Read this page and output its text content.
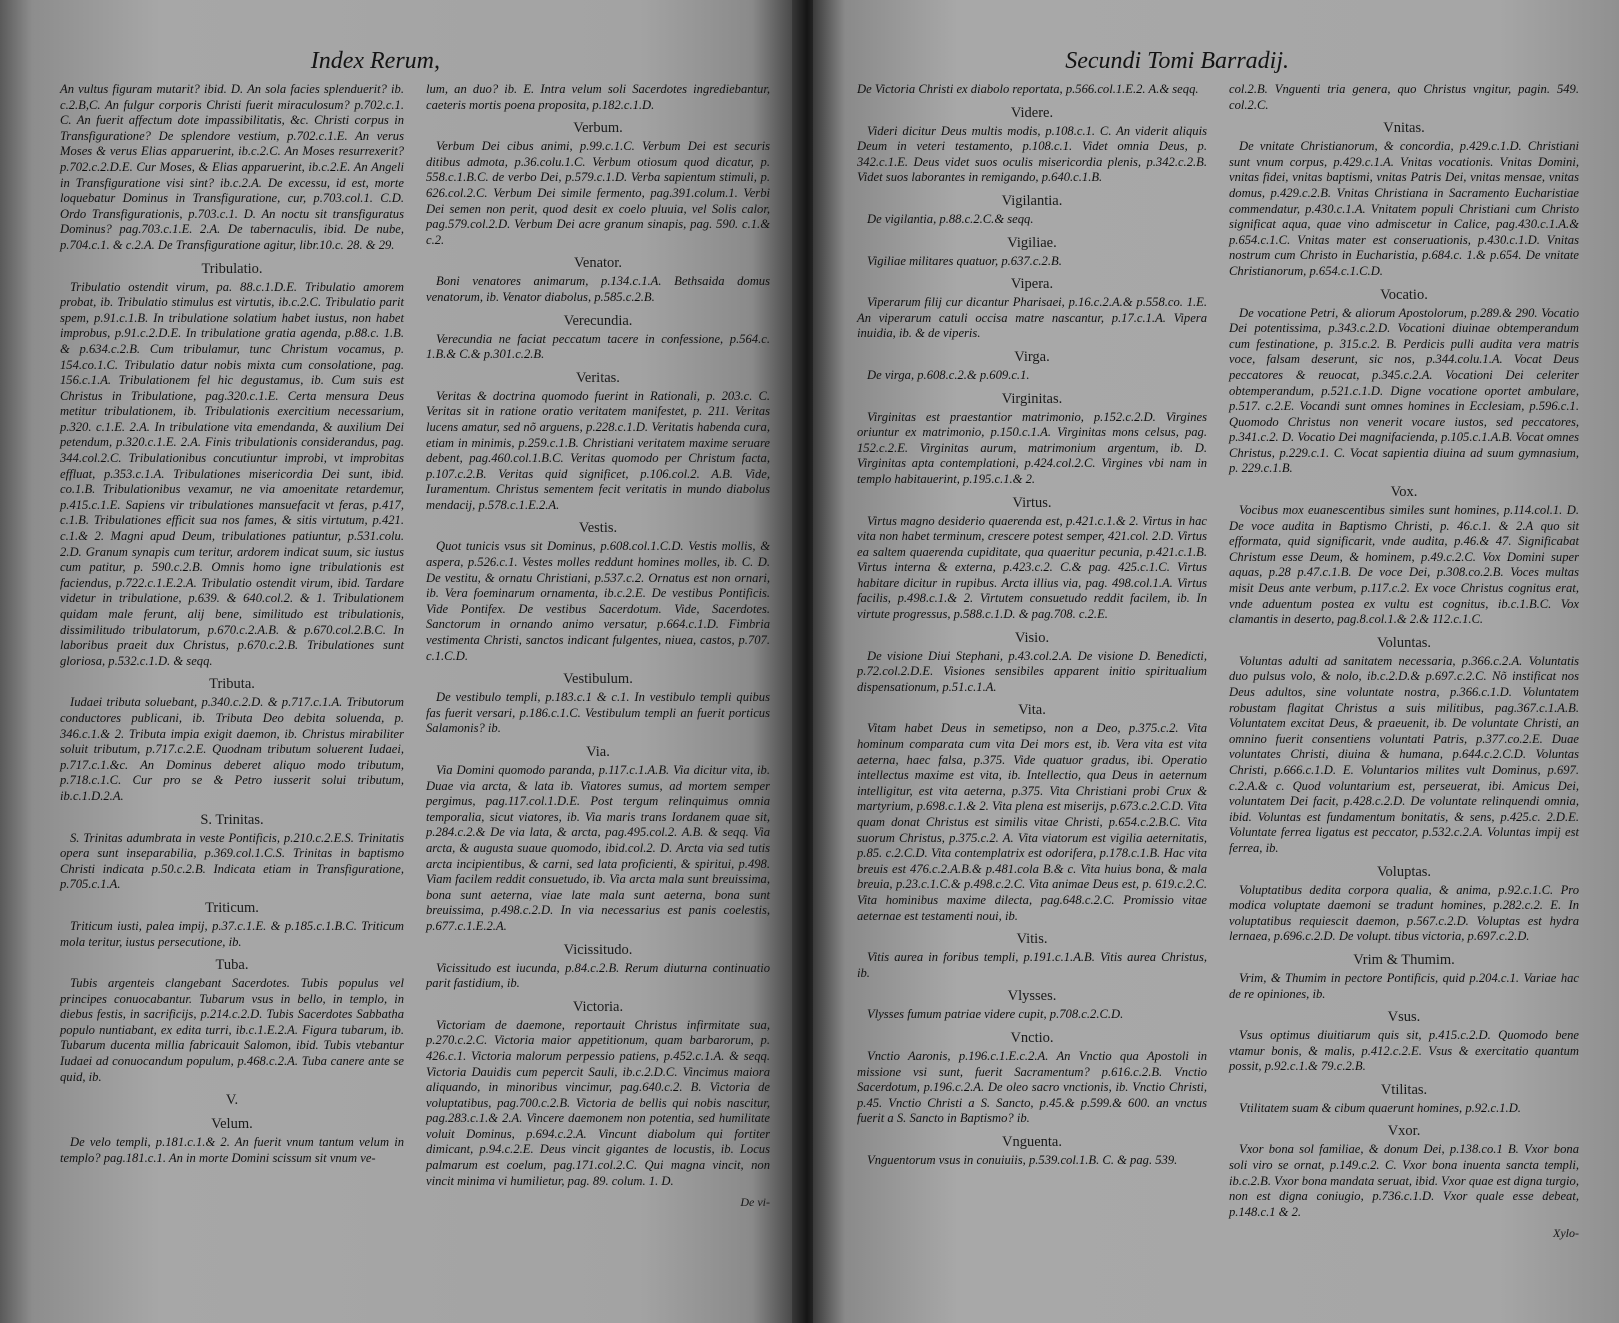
Index Rerum,

An vultus figuram mutarit? ibid. D. An sola facies splenduerit? ib. c.2.B,C. An fulgur corporis Christi fuerit miraculosum? p.702.c.1. C. An fuerit affectum dote impassibilitatis, &c. Christi corpus in Transfiguratione? De splendore vestium, p.702.c.1.E. An verus Moses & verus Elias apparuerint, ib.c.2.C. An Moses resurrexerit? p.702.c.2.D.E. Cur Moses, & Elias apparuerint, ib.c.2.E. An Angeli in Transfiguratione visi sint? ib.c.2.A. De excessu, id est, morte loquebatur Dominus in Transfiguratione, cur, p.703.col.1. C.D. Ordo Transfigurationis, p.703.c.1. D. An noctu sit transfiguratus Dominus? pag.703.c.1.E. 2.A. De tabernaculis, ibid. De nube, p.704.c.1. & c.2.A. De Transfiguratione agitur, libr.10.c. 28. & 29.

Tribulatio.

Tribulatio ostendit virum, pa. 88.c.1.D.E. Tribulatio amorem probat, ib. Tribulatio stimulus est virtutis, ib.c.2.C. Tribulatio parit spem, p.91.c.1.B. In tribulatione solatium habet iustus, non habet improbus, p.91.c.2.D.E. In tribulatione gratia agenda, p.88.c. 1.B. & p.634.c.2.B. Cum tribulamur, tunc Christum vocamus, p. 154.co.1.C. Tribulatio datur nobis mixta cum consolatione, pag. 156.c.1.A. Tribulationem fel hic degustamus, ib. Cum suis est Christus in Tribulatione, pag.320.c.1.E. Certa mensura Deus metitur tribulationem, ib. Tribulationis exercitium necessarium, p.320. c.1.E. 2.A. In tribulatione vita emendanda, & auxilium Dei petendum, p.320.c.1.E. 2.A. Finis tribulationis considerandus, pag. 344.col.2.C. Tribulationibus concutiuntur improbi, vt improbitas effluat, p.353.c.1.A. Tribulationes misericordia Dei sunt, ibid. co.1.B. Tribulationibus vexamur, ne via amoenitate retardemur, p.415.c.1.E. Sapiens vir tribulationes mansuefacit vt feras, p.417, c.1.B. Tribulationes efficit sua nos fames, & sitis virtutum, p.421. c.1.& 2. Magni apud Deum, tribulationes patiuntur, p.531.colu. 2.D. Granum synapis cum teritur, ardorem indicat suum, sic iustus cum patitur, p. 590.c.2.B. Omnis homo igne tribulationis est faciendus, p.722.c.1.E.2.A. Tribulatio ostendit virum, ibid. Tardare videtur in tribulatione, p.639. & 640.col.2. & 1. Tribulationem quidam male ferunt, alij bene, similitudo est tribulationis, dissimilitudo tribulatorum, p.670.c.2.A.B. & p.670.col.2.B.C. In laboribus praeit dux Christus, p.670.c.2.B. Tribulationes sunt gloriosa, p.532.c.1.D. & seqq.

Tributa.

Iudaei tributa soluebant, p.340.c.2.D. & p.717.c.1.A. Tributorum conductores publicani, ib. Tributa Deo debita soluenda, p. 346.c.1.& 2. Tributa impia exigit daemon, ib. Christus mirabiliter soluit tributum, p.717.c.2.E. Quodnam tributum soluerent Iudaei, p.717.c.1.&c. An Dominus deberet aliquo modo tributum, p.718.c.1.C. Cur pro se & Petro iusserit solui tributum, ib.c.1.D.2.A.

S. Trinitas.

S. Trinitas adumbrata in veste Pontificis, p.210.c.2.E.S. Trinitatis opera sunt inseparabilia, p.369.col.1.C.S. Trinitas in baptismo Christi indicata p.50.c.2.B. Indicata etiam in Transfiguratione, p.705.c.1.A.

Triticum.

Triticum iusti, palea impij, p.37.c.1.E. & p.185.c.1.B.C. Triticum mola teritur, iustus persecutione, ib.

Tuba.

Tubis argenteis clangebant Sacerdotes. Tubis populus vel principes conuocabantur. Tubarum vsus in bello, in templo, in diebus festis, in sacrificijs, p.214.c.2.D. Tubis Sacerdotes Sabbatha populo nuntiabant, ex edita turri, ib.c.1.E.2.A. Figura tubarum, ib. Tubarum ducenta millia fabricauit Salomon, ibid. Tubis vtebantur Iudaei ad conuocandum populum, p.468.c.2.A. Tuba canere ante se quid, ib.

V.
Velum.

De velo templi, p.181.c.1.& 2. An fuerit vnum tantum velum in templo? pag.181.c.1. An in morte Domini scissum sit vnum ve-

lum, an duo? ib. E. Intra velum soli Sacerdotes ingrediebantur, caeteris mortis poena proposita, p.182.c.1.D.

Verbum.

Verbum Dei cibus animi, p.99.c.1.C. Verbum Dei est securis ditibus admota, p.36.colu.1.C. Verbum otiosum quod dicatur, p. 558.c.1.B.C. de verbo Dei, p.579.c.1.D. Verba sapientum stimuli, p. 626.col.2.C. Verbum Dei simile fermento, pag.391.colum.1. Verbi Dei semen non perit, quod desit ex coelo pluuia, vel Solis calor, pag.579.col.2.D. Verbum Dei acre granum sinapis, pag. 590. c.1.& c.2.

Venator.

Boni venatores animarum, p.134.c.1.A. Bethsaida domus venatorum, ib. Venator diabolus, p.585.c.2.B.

Verecundia.

Verecundia ne faciat peccatum tacere in confessione, p.564.c. 1.B.& C.& p.301.c.2.B.

Veritas.

Veritas & doctrina quomodo fuerint in Rationali, p. 203.c. C. Veritas sit in ratione oratio veritatem manifestet, p. 211. Veritas lucens amatur, sed nõ arguens, p.228.c.1.D. Veritatis habenda cura, etiam in minimis, p.259.c.1.B. Christiani veritatem maxime seruare debent, pag.460.col.1.B.C. Veritas quomodo per Christum facta, p.107.c.2.B. Veritas quid significet, p.106.col.2. A.B. Vide, Iuramentum. Christus sementem fecit veritatis in mundo diabolus mendacij, p.578.c.1.E.2.A.

Vestis.

Quot tunicis vsus sit Dominus, p.608.col.1.C.D. Vestis mollis, & aspera, p.526.c.1. Vestes molles reddunt homines molles, ib. C. D. De vestitu, & ornatu Christiani, p.537.c.2. Ornatus est non ornari, ib. Vera foeminarum ornamenta, ib.c.2.E. De vestibus Pontificis. Vide Pontifex. De vestibus Sacerdotum. Vide, Sacerdotes. Sanctorum in ornando animo versatur, p.664.c.1.D. Fimbria vestimenta Christi, sanctos indicant fulgentes, niuea, castos, p.707. c.1.C.D.

Vestibulum.

De vestibulo templi, p.183.c.1 & c.1. In vestibulo templi quibus fas fuerit versari, p.186.c.1.C. Vestibulum templi an fuerit porticus Salamonis? ib.

Via.

Via Domini quomodo paranda, p.117.c.1.A.B. Via dicitur vita, ib. Duae via arcta, & lata ib. Viatores sumus, ad mortem semper pergimus, pag.117.col.1.D.E. Post tergum relinquimus omnia temporalia, sicut viatores, ib. Via maris trans Iordanem quae sit, p.284.c.2.& De via lata, & arcta, pag.495.col.2. A.B. & seqq. Via arcta, & augusta suaue quomodo, ibid.col.2. D. Arcta via sed tutis arcta incipientibus, & carni, sed lata proficienti, & spiritui, p.498. Viam facilem reddit consuetudo, ib. Via arcta mala sunt breuissima, bona sunt aeterna, viae late mala sunt aeterna, bona sunt breuissima, p.498.c.2.D. In via necessarius est panis coelestis, p.677.c.1.E.2.A.

Vicissitudo.

Vicissitudo est iucunda, p.84.c.2.B. Rerum diuturna continuatio parit fastidium, ib.

Victoria.

Victoriam de daemone, reportauit Christus infirmitate sua, p.270.c.2.C. Victoria maior appetitionum, quam barbarorum, p. 426.c.1. Victoria malorum perpessio patiens, p.452.c.1.A. & seqq. Victoria Dauidis cum pepercit Sauli, ib.c.2.D.C. Vincimus maiora aliquando, in minoribus vincimur, pag.640.c.2. B. Victoria de voluptatibus, pag.700.c.2.B. Victoria de bellis qui nobis nascitur, pag.283.c.1.& 2.A. Vincere daemonem non potentia, sed humilitate voluit Dominus, p.694.c.2.A. Vincunt diabolum qui fortiter dimicant, p.94.c.2.E. Deus vincit gigantes de locustis, ib. Locus palmarum est coelum, pag.171.col.2.C. Qui magna vincit, non vincit minima vi humilietur, pag. 89. colum. 1. D.

De vi-
Secundi Tomi Barradij.

De Victoria Christi ex diabolo reportata, p.566.col.1.E.2. A.& seqq.

Videre.

Videri dicitur Deus multis modis, p.108.c.1. C. An viderit aliquis Deum in veteri testamento, p.108.c.1. Videt omnia Deus, p. 342.c.1.E. Deus videt suos oculis misericordia plenis, p.342.c.2.B. Videt suos laborantes in remigando, p.640.c.1.B.

Vigilantia.

De vigilantia, p.88.c.2.C.& seqq.

Vigiliae.

Vigiliae militares quatuor, p.637.c.2.B.

Vipera.

Viperarum filij cur dicantur Pharisaei, p.16.c.2.A.& p.558.co. 1.E. An viperarum catuli occisa matre nascantur, p.17.c.1.A. Vipera inuidia, ib. & de viperis.

Virga.

De virga, p.608.c.2.& p.609.c.1.

Virginitas.

Virginitas est praestantior matrimonio, p.152.c.2.D. Virgines oriuntur ex matrimonio, p.150.c.1.A. Virginitas mons celsus, pag. 152.c.2.E. Virginitas aurum, matrimonium argentum, ib. D. Virginitas apta contemplationi, p.424.col.2.C. Virgines vbi nam in templo habitauerint, p.195.c.1.& 2.

Virtus.

Virtus magno desiderio quaerenda est, p.421.c.1.& 2. Virtus in hac vita non habet terminum, crescere potest semper, 421.col. 2.D. Virtus ea saltem quaerenda cupiditate, qua quaeritur pecunia, p.421.c.1.B. Virtus interna & externa, p.423.c.2. C.& pag. 425.c.1.C. Virtus habitare dicitur in rupibus. Arcta illius via, pag. 498.col.1.A. Virtus facilis, p.498.c.1.& 2. Virtutem consuetudo reddit facilem, ib. In virtute progressus, p.588.c.1.D. & pag.708. c.2.E.

Visio.

De visione Diui Stephani, p.43.col.2.A. De visione D. Benedicti, p.72.col.2.D.E. Visiones sensibiles apparent initio spiritualium dispensationum, p.51.c.1.A.

Vita.

Vitam habet Deus in semetipso, non a Deo, p.375.c.2. Vita hominum comparata cum vita Dei mors est, ib. Vera vita est vita aeterna, haec falsa, p.375. Vide quatuor gradus, ibi. Operatio intellectus maxime est vita, ib. Intellectio, qua Deus in aeternum intelligitur, est vita aeterna, p.375. Vita Christiani probi Crux & martyrium, p.698.c.1.& 2. Vita plena est miserijs, p.673.c.2.C.D. Vita quam donat Christus est similis vitae Christi, p.654.c.2.B.C. Vita suorum Christus, p.375.c.2. A. Vita viatorum est vigilia aeternitatis, p.85. c.2.C.D. Vita contemplatrix est odorifera, p.178.c.1.B. Hac vita breuis est 476.c.2.A.B.& p.481.cola B.& c. Vita huius bona, & mala breuia, p.23.c.1.C.& p.498.c.2.C. Vita animae Deus est, p. 619.c.2.C. Vita hominibus maxime dilecta, pag.648.c.2.C. Promissio vitae aeternae est testamenti noui, ib.

Vitis.

Vitis aurea in foribus templi, p.191.c.1.A.B. Vitis aurea Christus, ib.

Vlysses.

Vlysses fumum patriae videre cupit, p.708.c.2.C.D.

Vnctio.

Vnctio Aaronis, p.196.c.1.E.c.2.A. An Vnctio qua Apostoli in missione vsi sunt, fuerit Sacramentum? p.616.c.2.B. Vnctio Sacerdotum, p.196.c.2.A. De oleo sacro vnctionis, ib. Vnctio Christi, p.45. Vnctio Christi a S. Sancto, p.45.& p.599.& 600. an vnctus fuerit a S. Sancto in Baptismo? ib.

Vnguenta.

Vnguentorum vsus in conuiuiis, p.539.col.1.B. C. & pag. 539.

col.2.B. Vnguenti tria genera, quo Christus vngitur, pagin. 549. col.2.C.

Vnitas.

De vnitate Christianorum, & concordia, p.429.c.1.D. Christiani sunt vnum corpus, p.429.c.1.A. Vnitas vocationis. Vnitas Domini, vnitas fidei, vnitas baptismi, vnitas Patris Dei, vnitas mensae, vnitas domus, p.429.c.2.B. Vnitas Christiana in Sacramento Eucharistiae commendatur, p.430.c.1.A. Vnitatem populi Christiani cum Christo significat aqua, quae vino admiscetur in Calice, pag.430.c.1.A.& p.654.c.1.C. Vnitas mater est conseruationis, p.430.c.1.D. Vnitas nostrum cum Christo in Eucharistia, p.684.c. 1.& p.654. De vnitate Christianorum, p.654.c.1.C.D.

Vocatio.

De vocatione Petri, & aliorum Apostolorum, p.289.& 290. Vocatio Dei potentissima, p.343.c.2.D. Vocationi diuinae obtemperandum cum festinatione, p. 315.c.2. B. Perdicis pulli audita vera matris voce, falsam deserunt, sic nos, p.344.colu.1.A. Vocat Deus peccatores & reuocat, p.345.c.2.A. Vocationi Dei celeriter obtemperandum, p.521.c.1.D. Digne vocatione oportet ambulare, p.517. c.2.E. Vocandi sunt omnes homines in Ecclesiam, p.596.c.1. Quomodo Christus non venerit vocare iustos, sed peccatores, p.341.c.2. D. Vocatio Dei magnifacienda, p.105.c.1.A.B. Vocat omnes Christus, p.229.c.1. C. Vocat sapientia diuina ad suum gymnasium, p. 229.c.1.B.

Vox.

Vocibus mox euanescentibus similes sunt homines, p.114.col.1. D. De voce audita in Baptismo Christi, p. 46.c.1. & 2.A quo sit efformata, quid significarit, vnde audita, p.46.& 47. Significabat Christum esse Deum, & hominem, p.49.c.2.C. Vox Domini super aquas, p.28 p.47.c.1.B. De voce Dei, p.308.co.2.B. Voces multas misit Deus ante verbum, p.117.c.2. Ex voce Christus cognitus erat, vnde aduentum postea ex vultu est cognitus, ib.c.1.B.C. Vox clamantis in deserto, pag.8.col.1.& 2.& 112.c.1.C.

Voluntas.

Voluntas adulti ad sanitatem necessaria, p.366.c.2.A. Voluntatis duo pulsus volo, & nolo, ib.c.2.D.& p.697.c.2.C. Nõ instificat nos Deus adultos, sine voluntate nostra, p.366.c.1.D. Voluntatem robustam flagitat Christus a suis militibus, pag.367.c.1.A.B. Voluntatem excitat Deus, & praeuenit, ib. De voluntate Christi, an omnino fuerit consentiens voluntati Patris, p.377.co.2.E. Duae voluntates Christi, diuina & humana, p.644.c.2.C.D. Voluntas Christi, p.666.c.1.D. E. Voluntarios milites vult Dominus, p.697. c.2.A.& c. Quod voluntarium est, perseuerat, ibi. Amicus Dei, voluntatem Dei facit, p.428.c.2.D. De voluntate relinquendi omnia, ibid. Voluntas est fundamentum bonitatis, & sens, p.425.c. 2.D.E. Voluntate ferrea ligatus est peccator, p.532.c.2.A. Voluntas impij est ferrea, ib.

Voluptas.

Voluptatibus dedita corpora qualia, & anima, p.92.c.1.C. Pro modica voluptate daemoni se tradunt homines, p.282.c.2. E. In voluptatibus requiescit daemon, p.567.c.2.D. Voluptas est hydra lernaea, p.696.c.2.D. De volupt. tibus victoria, p.697.c.2.D.

Vrim & Thumim.

Vrim, & Thumim in pectore Pontificis, quid p.204.c.1. Variae hac de re opiniones, ib.

Vsus.

Vsus optimus diuitiarum quis sit, p.415.c.2.D. Quomodo bene vtamur bonis, & malis, p.412.c.2.E. Vsus & exercitatio quantum possit, p.92.c.1.& 79.c.2.B.

Vtilitas.

Vtilitatem suam & cibum quaerunt homines, p.92.c.1.D.

Vxor.

Vxor bona sol familiae, & donum Dei, p.138.co.1 B. Vxor bona soli viro se ornat, p.149.c.2. C. Vxor bona inuenta sancta templi, ib.c.2.B. Vxor bona mandata seruat, ibid. Vxor quae est digna turgio, non est digna coniugio, p.736.c.1.D. Vxor quale esse debeat, p.148.c.1 & 2.

Xylo-
